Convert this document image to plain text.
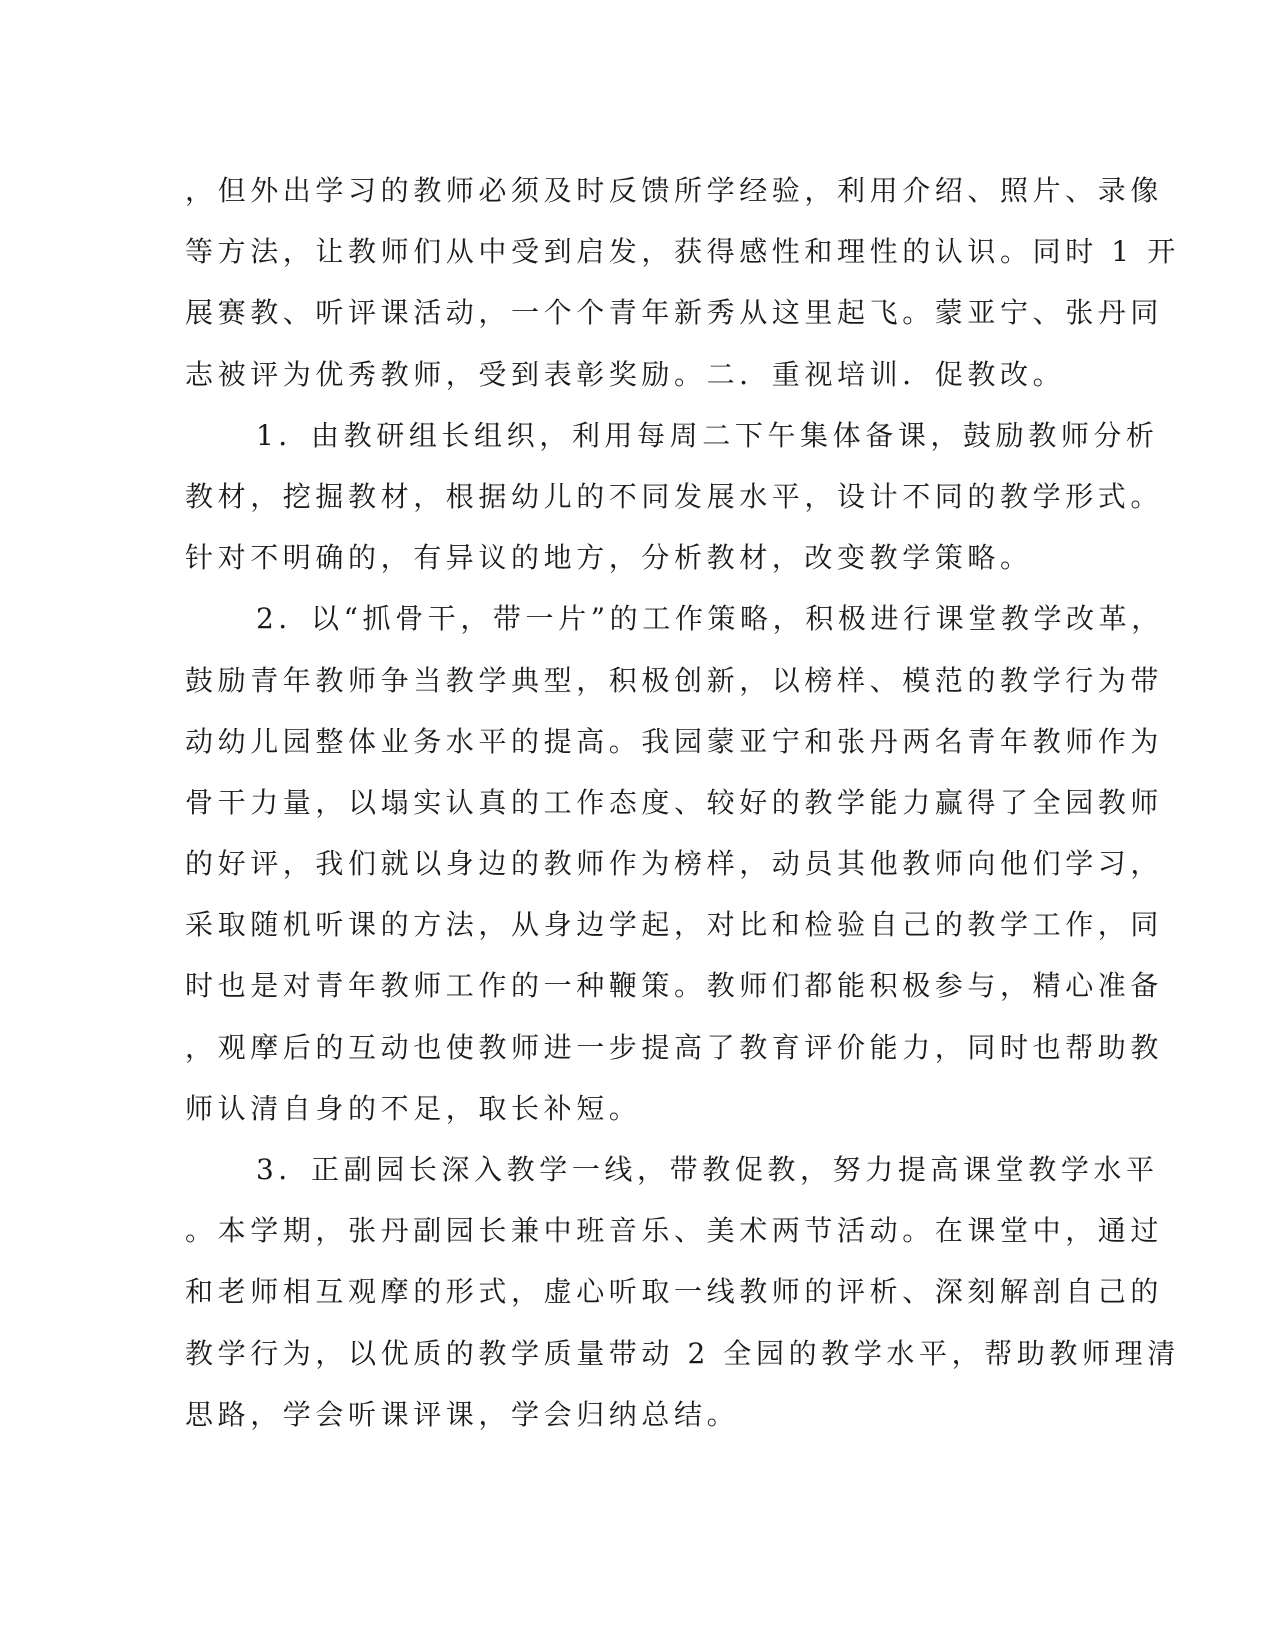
，但外出学习的教师必须及时反馈所学经验，利用介绍、照片、录像
等方法，让教师们从中受到启发，获得感性和理性的认识。同时 1 开
展赛教、听评课活动，一个个青年新秀从这里起飞。蒙亚宁、张丹同
志被评为优秀教师，受到表彰奖励。二．重视培训．促教改。
1．由教研组长组织，利用每周二下午集体备课，鼓励教师分析
教材，挖掘教材，根据幼儿的不同发展水平，设计不同的教学形式。
针对不明确的，有异议的地方，分析教材，改变教学策略。
2．以“抓骨干，带一片”的工作策略，积极进行课堂教学改革，
鼓励青年教师争当教学典型，积极创新，以榜样、模范的教学行为带
动幼儿园整体业务水平的提高。我园蒙亚宁和张丹两名青年教师作为
骨干力量，以塌实认真的工作态度、较好的教学能力赢得了全园教师
的好评，我们就以身边的教师作为榜样，动员其他教师向他们学习，
采取随机听课的方法，从身边学起，对比和检验自己的教学工作，同
时也是对青年教师工作的一种鞭策。教师们都能积极参与，精心准备
，观摩后的互动也使教师进一步提高了教育评价能力，同时也帮助教
师认清自身的不足，取长补短。
3．正副园长深入教学一线，带教促教，努力提高课堂教学水平
。本学期，张丹副园长兼中班音乐、美术两节活动。在课堂中，通过
和老师相互观摩的形式，虚心听取一线教师的评析、深刻解剖自己的
教学行为，以优质的教学质量带动 2 全园的教学水平，帮助教师理清
思路，学会听课评课，学会归纳总结。
